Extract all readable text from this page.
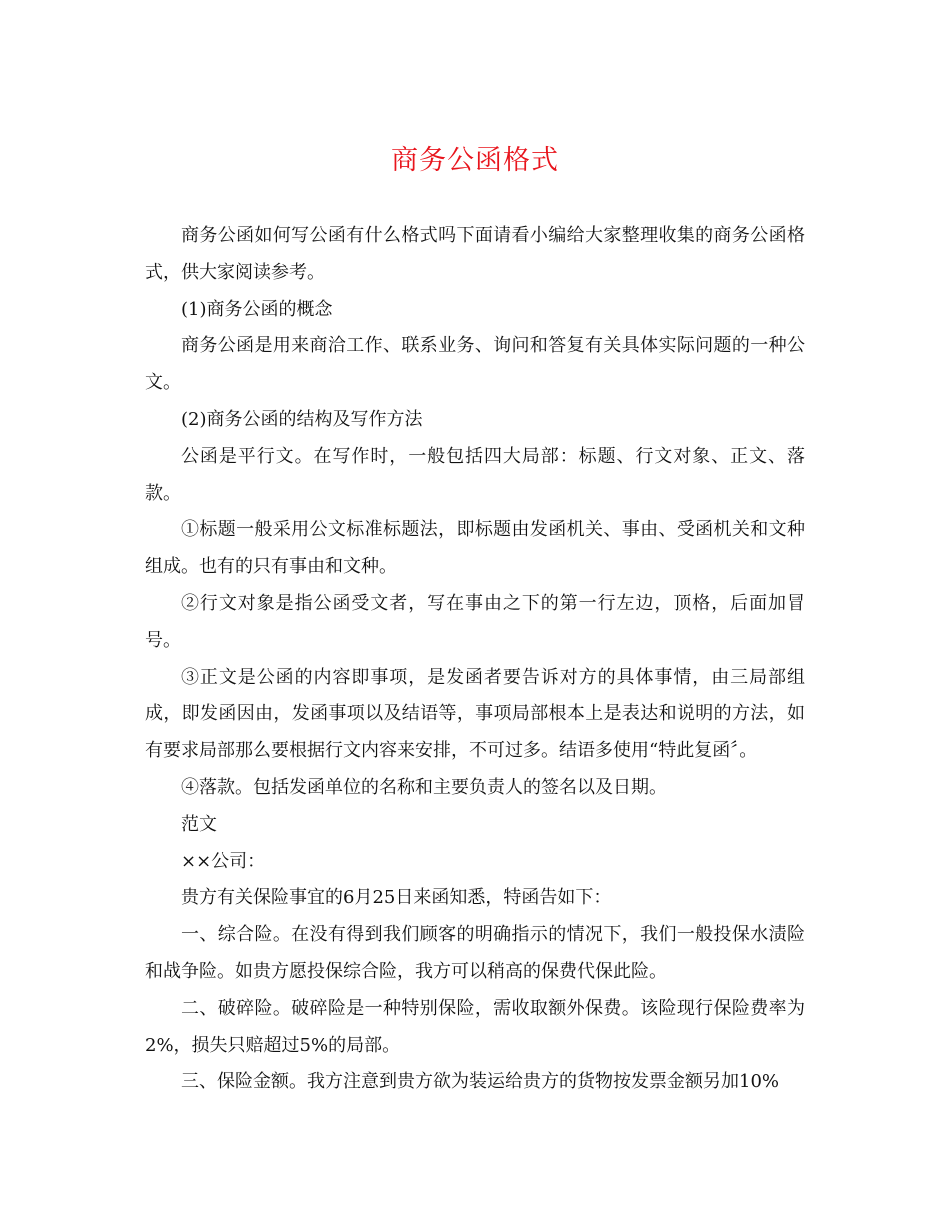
商务公函格式

商务公函如何写公函有什么格式吗下面请看小编给大家整理收集的商务公函格式，供大家阅读参考。

(1)商务公函的概念

商务公函是用来商洽工作、联系业务、询问和答复有关具体实际问题的一种公文。

(2)商务公函的结构及写作方法

公函是平行文。在写作时，一般包括四大局部：标题、行文对象、正文、落款。

①标题一般采用公文标准标题法，即标题由发函机关、事由、受函机关和文种组成。也有的只有事由和文种。

②行文对象是指公函受文者，写在事由之下的第一行左边，顶格，后面加冒号。

③正文是公函的内容即事项，是发函者要告诉对方的具体事情，由三局部组成，即发函因由，发函事项以及结语等，事项局部根本上是表达和说明的方法，如有要求局部那么要根据行文内容来安排，不可过多。结语多使用“特此复函〞。

④落款。包括发函单位的名称和主要负责人的签名以及日期。

范文

××公司：

贵方有关保险事宜的6月25日来函知悉，特函告如下：

一、综合险。在没有得到我们顾客的明确指示的情况下，我们一般投保水渍险和战争险。如贵方愿投保综合险，我方可以稍高的保费代保此险。

二、破碎险。破碎险是一种特别保险，需收取额外保费。该险现行保险费率为2%，损失只赔超过5%的局部。

三、保险金额。我方注意到贵方欲为装运给贵方的货物按发票金额另加10%
